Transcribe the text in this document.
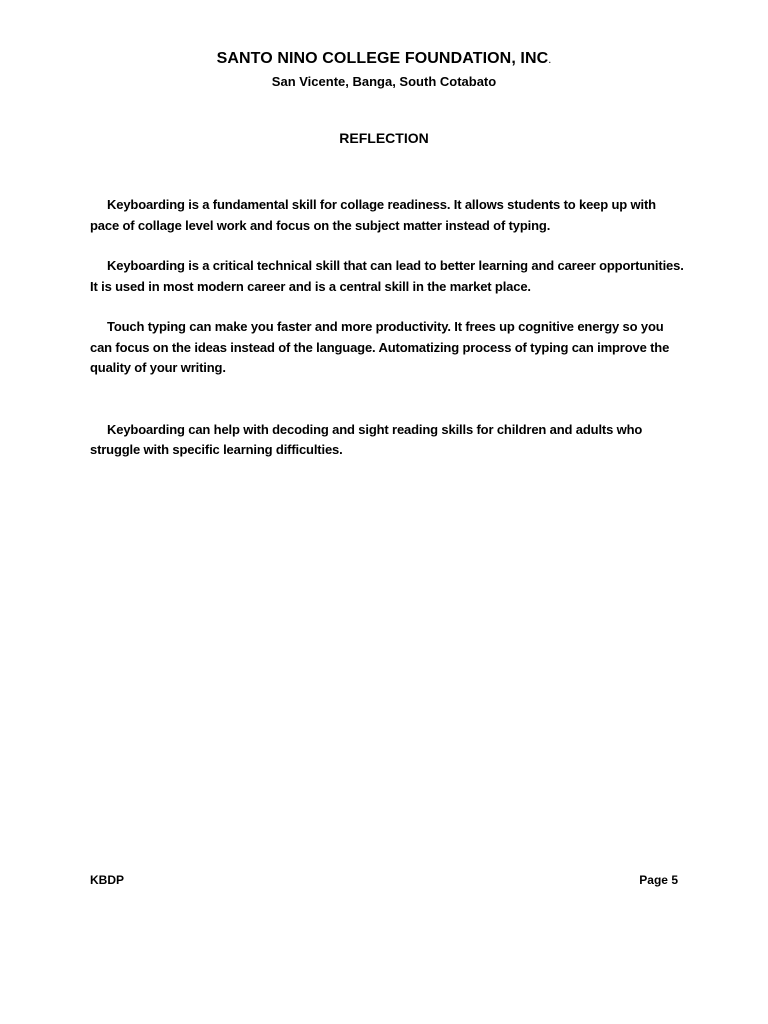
SANTO NINO COLLEGE FOUNDATION, INC.
San Vicente, Banga, South Cotabato
REFLECTION

Keyboarding is a fundamental skill for collage readiness. It allows students to keep up with pace of collage level work and focus on the subject matter instead of typing.

Keyboarding is a critical technical skill that can lead to better learning and career opportunities. It is used in most modern career and is a central skill in the market place.

Touch typing can make you faster and more productivity. It frees up cognitive energy so you can focus on the ideas instead of the language. Automatizing process of typing can improve the quality of your writing.

Keyboarding can help with decoding and sight reading skills for children and adults who struggle with specific learning difficulties.

KBDP	Page 5
